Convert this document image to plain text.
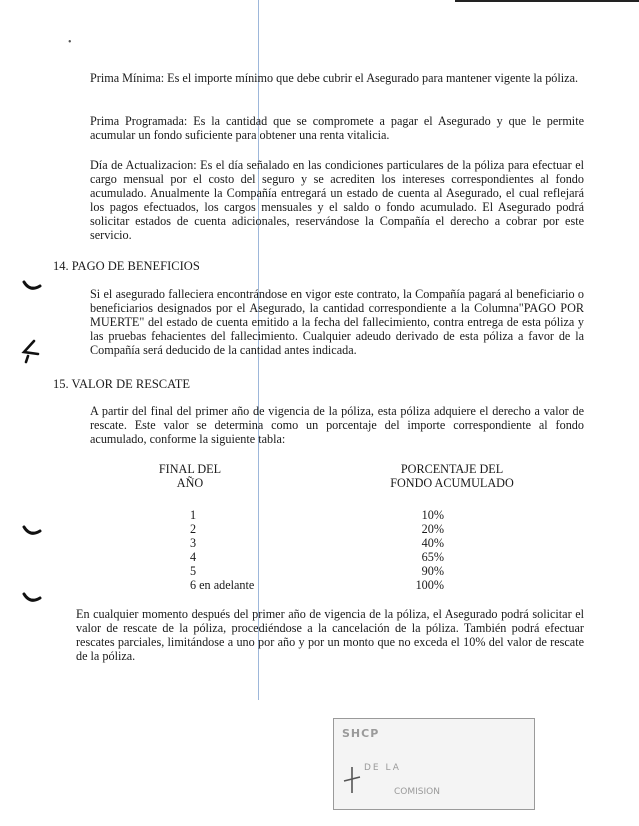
•

Prima Mínima: Es el importe mínimo que debe cubrir el Asegurado para mantener vigente la póliza.

Prima Programada: Es la cantidad que se compromete a pagar el Asegurado y que le permite acumular un fondo suficiente para obtener una renta vitalicia.

Día de Actualizacion: Es el día señalado en las condiciones particulares de la póliza para efectuar el cargo mensual por el costo del seguro y se acrediten los intereses correspondientes al fondo acumulado. Anualmente la Compañía entregará un estado de cuenta al Asegurado, el cual reflejará los pagos efectuados, los cargos mensuales y el saldo o fondo acumulado. El Asegurado podrá solicitar estados de cuenta adicionales, reservándose la Compañía el derecho a cobrar por este servicio.

14. PAGO DE BENEFICIOS

Si el asegurado falleciera encontrándose en vigor este contrato, la Compañía pagará al beneficiario o beneficiarios designados por el Asegurado, la cantidad correspondiente a la Columna"PAGO POR MUERTE" del estado de cuenta emitido a la fecha del fallecimiento, contra entrega de esta póliza y las pruebas fehacientes del fallecimiento. Cualquier adeudo derivado de esta póliza a favor de la Compañía será deducido de la cantidad antes indicada.

15. VALOR DE RESCATE

A partir del final del primer año de vigencia de la póliza, esta póliza adquiere el derecho a valor de rescate. Este valor se determina como un porcentaje del importe correspondiente al fondo acumulado, conforme la siguiente tabla:

FINAL DEL
AÑO
PORCENTAJE DEL
FONDO ACUMULADO
1
2
3
4
5
6 en adelante
10%
20%
40%
65%
90%
100%

En cualquier momento después del primer año de vigencia de la póliza, el Asegurado podrá solicitar el valor de rescate de la póliza, procediéndose a la cancelación de la póliza. También podrá efectuar rescates parciales, limitándose a uno por año y por un monto que no exceda el 10% del valor de rescate de la póliza.

SHCP
DE LA
COMISION
